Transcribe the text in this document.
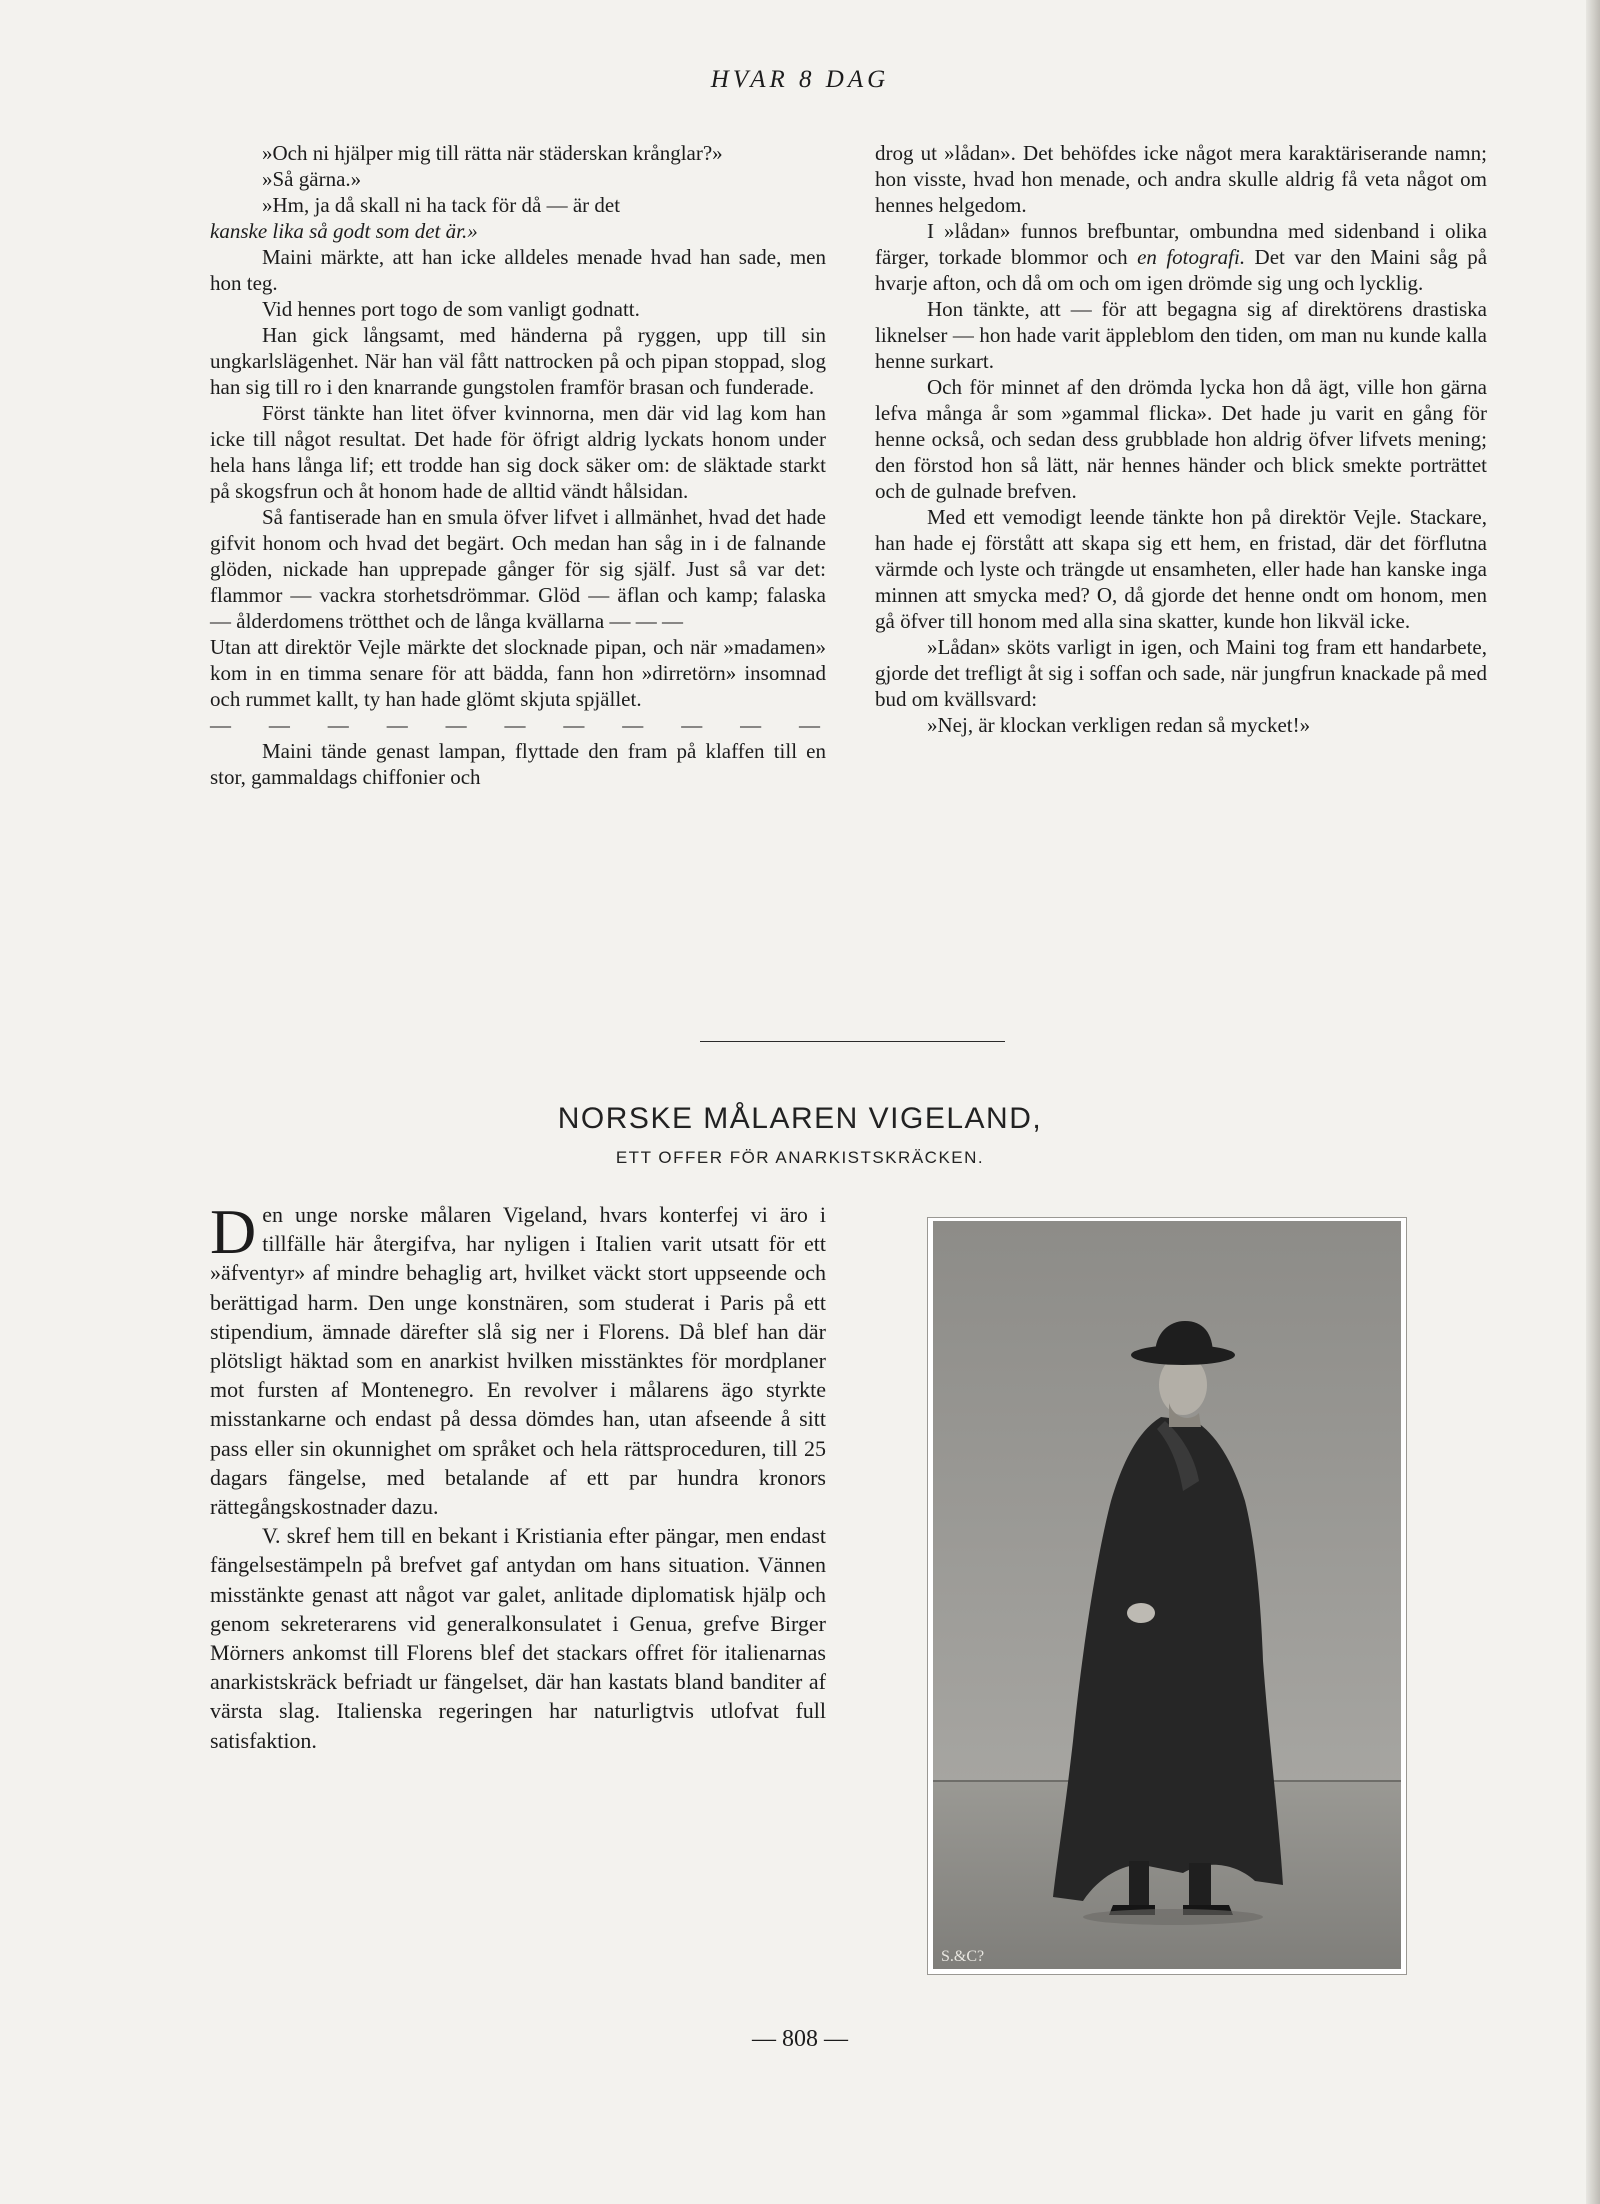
HVAR 8 DAG

»Och ni hjälper mig till rätta när städerskan krånglar?»

»Så gärna.»

»Hm, ja då skall ni ha tack för då — är det

kanske lika så godt som det är.»

Maini märkte, att han icke alldeles menade hvad han sade, men hon teg.

Vid hennes port togo de som vanligt godnatt.

Han gick långsamt, med händerna på ryggen, upp till sin ungkarlslägenhet. När han väl fått nattrocken på och pipan stoppad, slog han sig till ro i den knarrande gungstolen framför brasan och funderade.

Först tänkte han litet öfver kvinnorna, men där vid lag kom han icke till något resultat. Det hade för öfrigt aldrig lyckats honom under hela hans långa lif; ett trodde han sig dock säker om: de släktade starkt på skogsfrun och åt honom hade de alltid vändt hålsidan.

Så fantiserade han en smula öfver lifvet i allmänhet, hvad det hade gifvit honom och hvad det begärt. Och medan han såg in i de falnande glöden, nickade han upprepade gånger för sig själf. Just så var det: flammor — vackra storhetsdrömmar. Glöd — äflan och kamp; falaska — ålderdomens trötthet och de långa kvällarna — — —

Utan att direktör Vejle märkte det slocknade pipan, och när »madamen» kom in en timma senare för att bädda, fann hon »dirretörn» insomnad och rummet kallt, ty han hade glömt skjuta spjället.

— — — — — — — — — — —

Maini tände genast lampan, flyttade den fram på klaffen till en stor, gammaldags chiffonier och

drog ut »lådan». Det behöfdes icke något mera karaktäriserande namn; hon visste, hvad hon menade, och andra skulle aldrig få veta något om hennes helgedom.

I »lådan» funnos brefbuntar, ombundna med sidenband i olika färger, torkade blommor och en fotografi. Det var den Maini såg på hvarje afton, och då om och om igen drömde sig ung och lycklig.

Hon tänkte, att — för att begagna sig af direktörens drastiska liknelser — hon hade varit äppleblom den tiden, om man nu kunde kalla henne surkart.

Och för minnet af den drömda lycka hon då ägt, ville hon gärna lefva många år som »gammal flicka». Det hade ju varit en gång för henne också, och sedan dess grubblade hon aldrig öfver lifvets mening; den förstod hon så lätt, när hennes händer och blick smekte porträttet och de gulnade brefven.

Med ett vemodigt leende tänkte hon på direktör Vejle. Stackare, han hade ej förstått att skapa sig ett hem, en fristad, där det förflutna värmde och lyste och trängde ut ensamheten, eller hade han kanske inga minnen att smycka med? O, då gjorde det henne ondt om honom, men gå öfver till honom med alla sina skatter, kunde hon likväl icke.

»Lådan» sköts varligt in igen, och Maini tog fram ett handarbete, gjorde det trefligt åt sig i soffan och sade, när jungfrun knackade på med bud om kvällsvard:

»Nej, är klockan verkligen redan så mycket!»

NORSKE MÅLAREN VIGELAND,
ETT OFFER FÖR ANARKISTSKRÄCKEN.

Den unge norske målaren Vigeland, hvars konterfej vi äro i tillfälle här återgifva, har nyligen i Italien varit utsatt för ett »äfventyr» af mindre behaglig art, hvilket väckt stort uppseende och berättigad harm. Den unge konstnären, som studerat i Paris på ett stipendium, ämnade därefter slå sig ner i Florens. Då blef han där plötsligt häktad som en anarkist hvilken misstänktes för mordplaner mot fursten af Montenegro. En revolver i målarens ägo styrkte misstankarne och endast på dessa dömdes han, utan afseende å sitt pass eller sin okunnighet om språket och hela rättsproceduren, till 25 dagars fängelse, med betalande af ett par hundra kronors rättegångskostnader dazu.

V. skref hem till en bekant i Kristiania efter pängar, men endast fängelsestämpeln på brefvet gaf antydan om hans situation. Vännen misstänkte genast att något var galet, anlitade diplomatisk hjälp och genom sekreterarens vid generalkonsulatet i Genua, grefve Birger Mörners ankomst till Florens blef det stackars offret för italienarnas anarkistskräck befriadt ur fängelset, där han kastats bland banditer af värsta slag. Italienska regeringen har naturligtvis utlofvat full satisfaktion.

S.&C?
— 808 —
